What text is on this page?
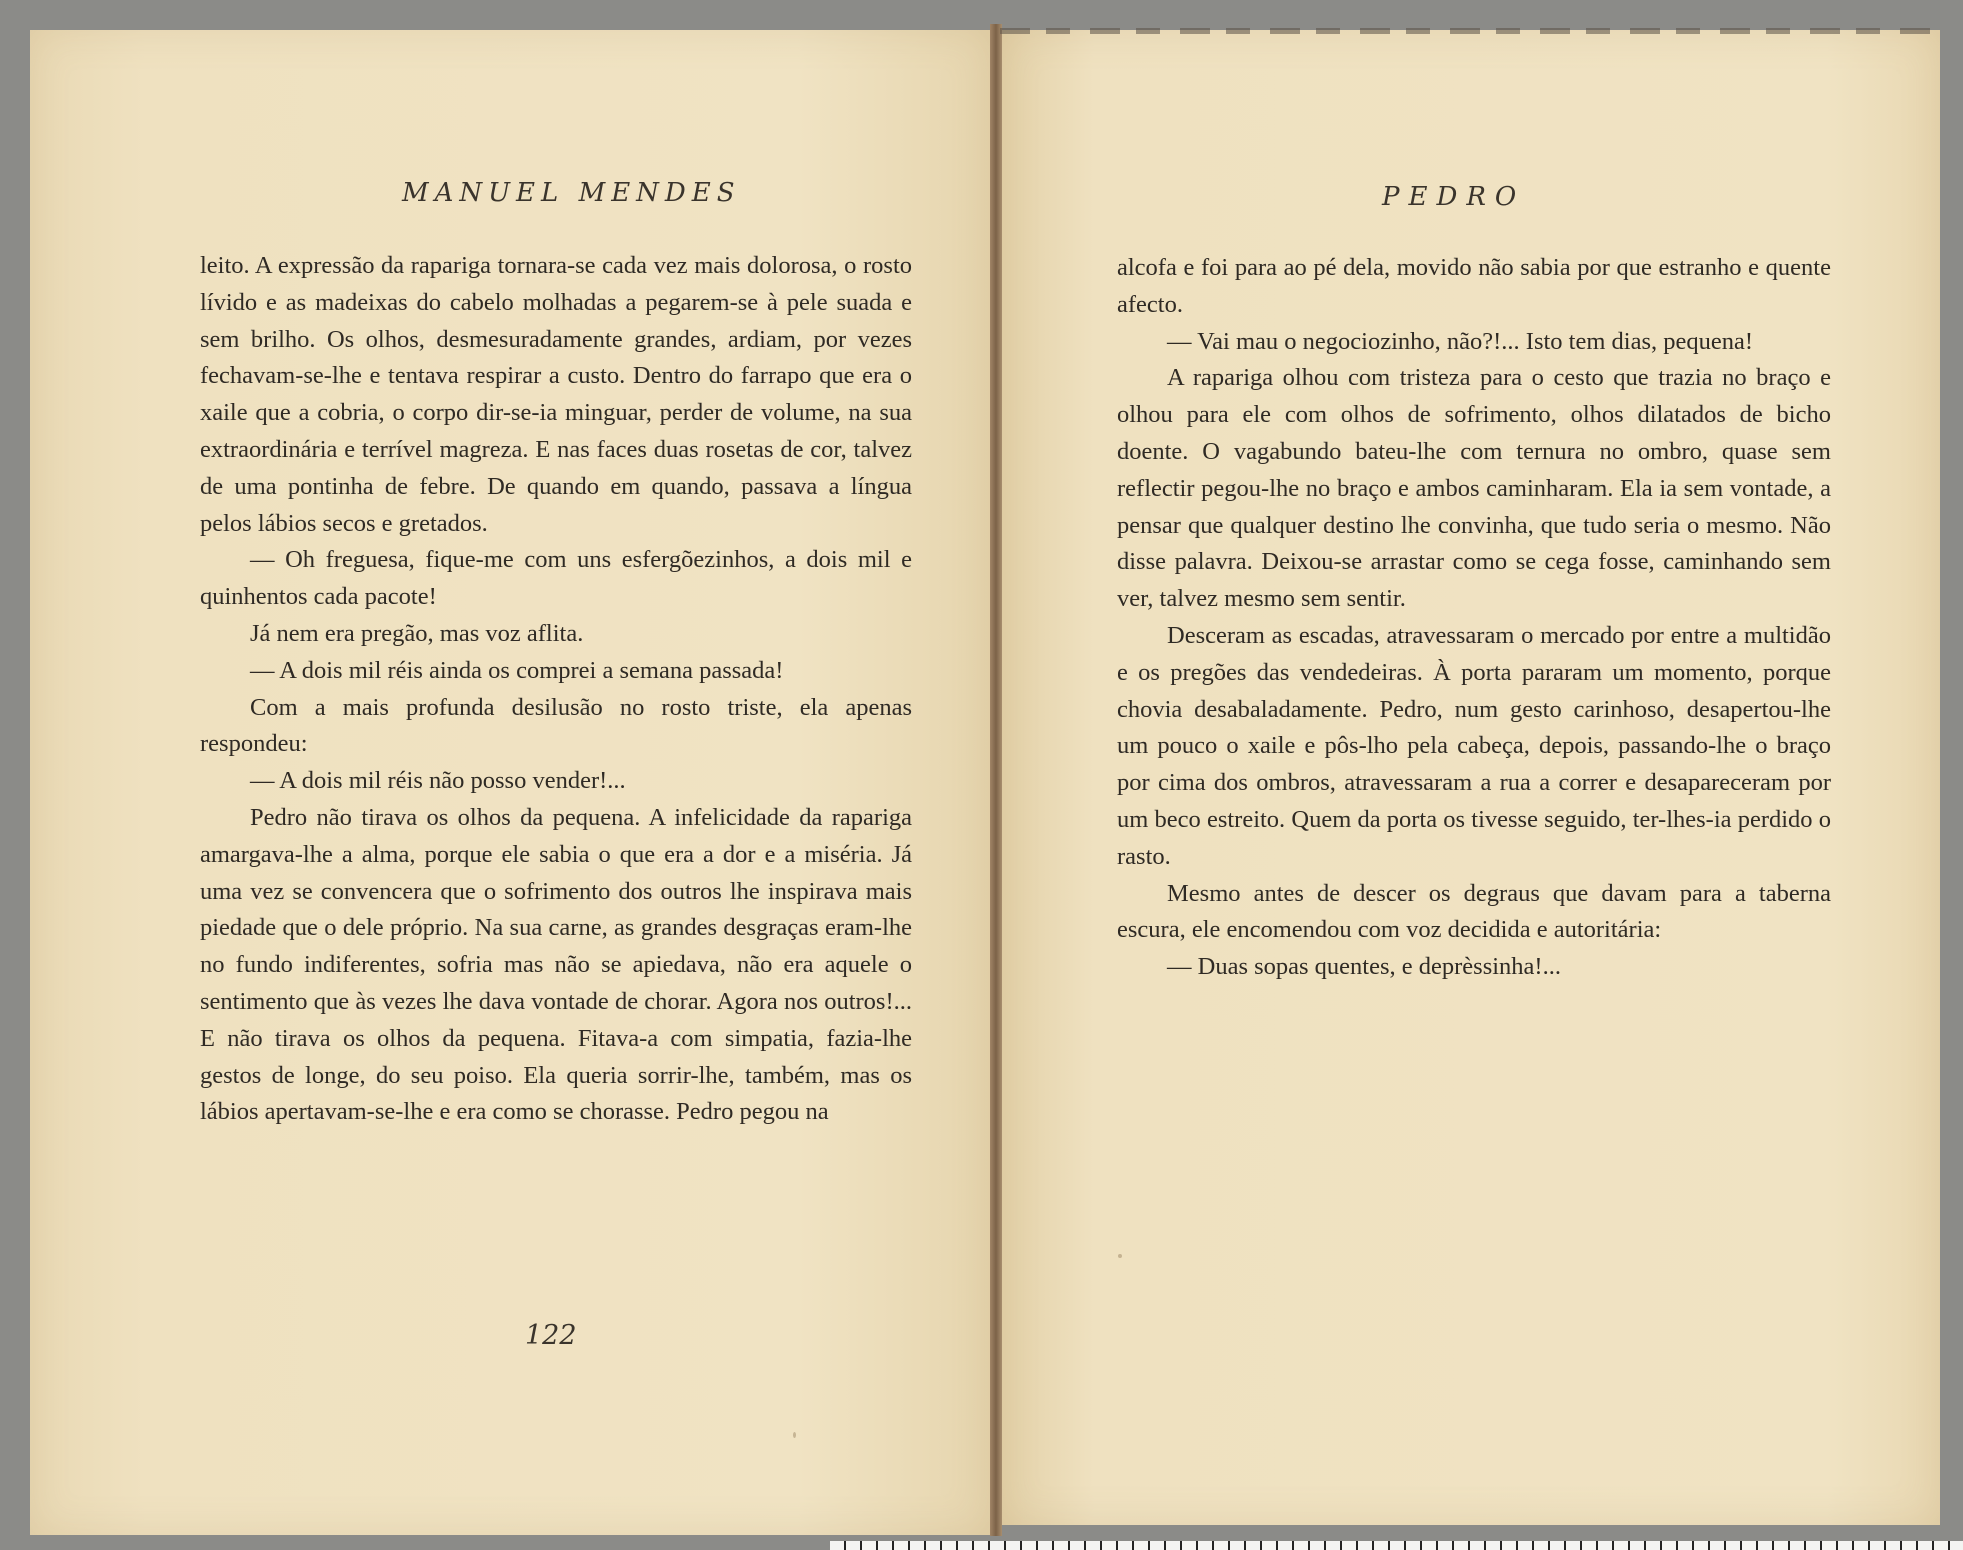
MANUEL MENDES	PEDRO

leito. A expressão da rapariga tornara-se cada vez mais dolorosa, o rosto lívido e as madeixas do cabelo molhadas a pegarem-se à pele suada e sem brilho. Os olhos, desmesuradamente grandes, ardiam, por vezes fechavam-se-lhe e tentava respirar a custo. Dentro do farrapo que era o xaile que a cobria, o corpo dir-se-ia minguar, perder de volume, na sua extraordinária e terrível magreza. E nas faces duas rosetas de cor, talvez de uma pontinha de febre. De quando em quando, passava a língua pelos lábios secos e gretados.

— Oh freguesa, fique-me com uns esfergõezinhos, a dois mil e quinhentos cada pacote!

Já nem era pregão, mas voz aflita.

— A dois mil réis ainda os comprei a semana passada!

Com a mais profunda desilusão no rosto triste, ela apenas respondeu:

— A dois mil réis não posso vender!...

Pedro não tirava os olhos da pequena. A infelicidade da rapariga amargava-lhe a alma, porque ele sabia o que era a dor e a miséria. Já uma vez se convencera que o sofrimento dos outros lhe inspirava mais piedade que o dele próprio. Na sua carne, as grandes desgraças eram-lhe no fundo indiferentes, sofria mas não se apiedava, não era aquele o sentimento que às vezes lhe dava vontade de chorar. Agora nos outros!... E não tirava os olhos da pequena. Fitava-a com simpatia, fazia-lhe gestos de longe, do seu poiso. Ela queria sorrir-lhe, também, mas os lábios apertavam-se-lhe e era como se chorasse. Pedro pegou na

alcofa e foi para ao pé dela, movido não sabia por que estranho e quente afecto.

— Vai mau o negociozinho, não?!... Isto tem dias, pequena!

A rapariga olhou com tristeza para o cesto que trazia no braço e olhou para ele com olhos de sofrimento, olhos dilatados de bicho doente. O vagabundo bateu-lhe com ternura no ombro, quase sem reflectir pegou-lhe no braço e ambos caminharam. Ela ia sem vontade, a pensar que qualquer destino lhe convinha, que tudo seria o mesmo. Não disse palavra. Deixou-se arrastar como se cega fosse, caminhando sem ver, talvez mesmo sem sentir.

Desceram as escadas, atravessaram o mercado por entre a multidão e os pregões das vendedeiras. À porta pararam um momento, porque chovia desabaladamente. Pedro, num gesto carinhoso, desapertou-lhe um pouco o xaile e pôs-lho pela cabeça, depois, passando-lhe o braço por cima dos ombros, atravessaram a rua a correr e desapareceram por um beco estreito. Quem da porta os tivesse seguido, ter-lhes-ia perdido o rasto.

Mesmo antes de descer os degraus que davam para a taberna escura, ele encomendou com voz decidida e autoritária:

— Duas sopas quentes, e deprèssinha!...

122
